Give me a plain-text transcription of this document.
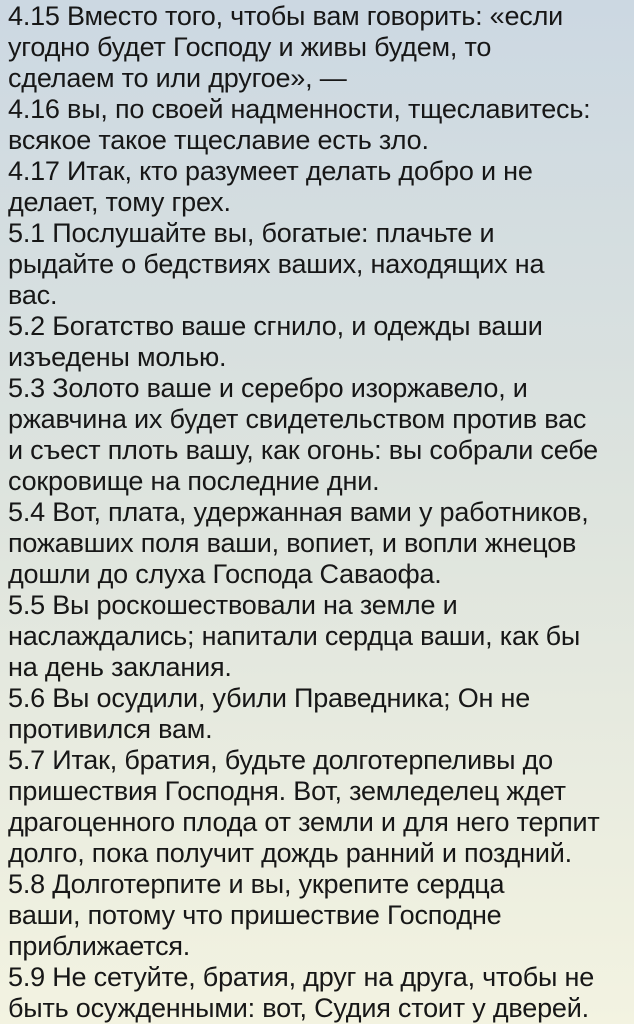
4.15 Вместо того, чтобы вам говорить: «если
угодно будет Господу и живы будем, то
сделаем то или другое», —

4.16 вы, по своей надменности, тщеславитесь:
всякое такое тщеславие есть зло.

4.17 Итак, кто разумеет делать добро и не
делает, тому грех.

5.1 Послушайте вы, богатые: плачьте и
рыдайте о бедствиях ваших, находящих на
вас.

5.2 Богатство ваше сгнило, и одежды ваши
изъедены молью.

5.3 Золото ваше и серебро изоржавело, и
ржавчина их будет свидетельством против вас
и съест плоть вашу, как огонь: вы собрали себе
сокровище на последние дни.

5.4 Вот, плата, удержанная вами у работников,
пожавших поля ваши, вопиет, и вопли жнецов
дошли до слуха Господа Саваофа.

5.5 Вы роскошествовали на земле и
наслаждались; напитали сердца ваши, как бы
на день заклания.

5.6 Вы осудили, убили Праведника; Он не
противился вам.

5.7 Итак, братия, будьте долготерпеливы до
пришествия Господня. Вот, земледелец ждет
драгоценного плода от земли и для него терпит
долго, пока получит дождь ранний и поздний.

5.8 Долготерпите и вы, укрепите сердца
ваши, потому что пришествие Господне
приближается.

5.9 Не сетуйте, братия, друг на друга, чтобы не
быть осужденными: вот, Судия стоит у дверей.
